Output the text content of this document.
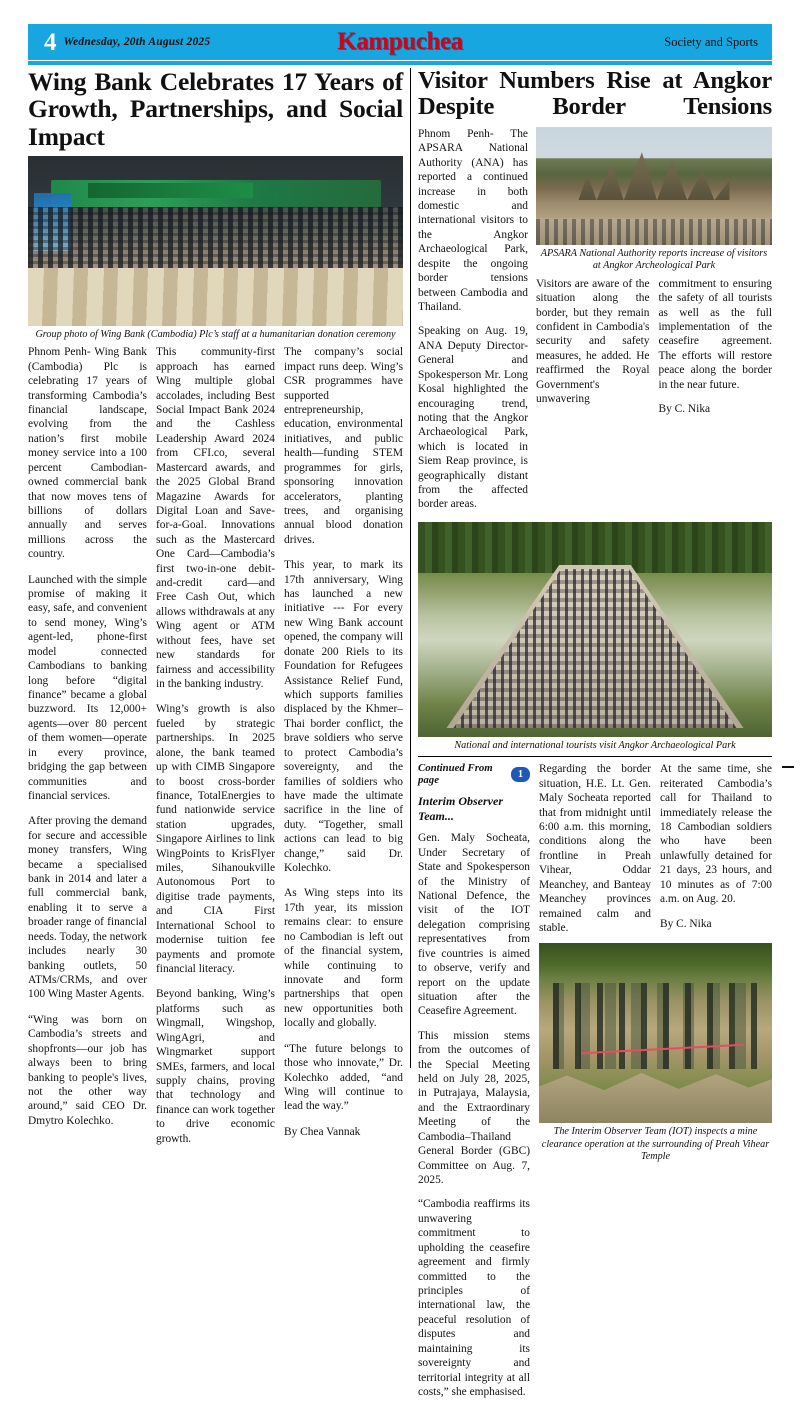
4 Wednesday, 20th August 2025	Kampuchea	Society and Sports
Wing Bank Celebrates 17 Years of Growth, Partnerships, and Social Impact
Group photo of Wing Bank (Cambodia) Plc’s staff at a humanitarian donation ceremony

Phnom Penh- Wing Bank (Cambodia) Plc is celebrating 17 years of transforming Cambodia’s financial landscape, evolving from the nation’s first mobile money service into a 100 percent Cambodian-owned commercial bank that now moves tens of billions of dollars annually and serves millions across the country.

Launched with the simple promise of making it easy, safe, and convenient to send money, Wing’s agent-led, phone-first model connected Cambodians to banking long before “digital finance” became a global buzzword. Its 12,000+ agents—over 80 percent of them women—operate in every province, bridging the gap between communities and financial services.

After proving the demand for secure and accessible money transfers, Wing became a specialised bank in 2014 and later a full commercial bank, enabling it to serve a broader range of financial needs. Today, the network includes nearly 30 banking outlets, 50 ATMs/CRMs, and over 100 Wing Master Agents.

“Wing was born on Cambodia’s streets and shopfronts—our job has always been to bring banking to people's lives, not the other way around,” said CEO Dr. Dmytro Kolechko.

This community-first approach has earned Wing multiple global accolades, including Best Social Impact Bank 2024 and the Cashless Leadership Award 2024 from CFI.co, several Mastercard awards, and the 2025 Global Brand Magazine Awards for Digital Loan and Save-for-a-Goal. Innovations such as the Mastercard One Card—Cambodia’s first two-in-one debit-and-credit card—and Free Cash Out, which allows withdrawals at any Wing agent or ATM without fees, have set new standards for fairness and accessibility in the banking industry.

Wing’s growth is also fueled by strategic partnerships. In 2025 alone, the bank teamed up with CIMB Singapore to boost cross-border finance, TotalEnergies to fund nationwide service station upgrades, Singapore Airlines to link WingPoints to KrisFlyer miles, Sihanoukville Autonomous Port to digitise trade payments, and CIA First International School to modernise tuition fee payments and promote financial literacy.

Beyond banking, Wing’s platforms such as Wingmall, Wingshop, WingAgri, and Wingmarket support SMEs, farmers, and local supply chains, proving that technology and finance can work together to drive economic growth.

The company’s social impact runs deep. Wing’s CSR programmes have supported entrepreneurship, education, environmental initiatives, and public health—funding STEM programmes for girls, sponsoring innovation accelerators, planting trees, and organising annual blood donation drives.

This year, to mark its 17th anniversary, Wing has launched a new initiative --- For every new Wing Bank account opened, the company will donate 200 Riels to its Foundation for Refugees Assistance Relief Fund, which supports families displaced by the Khmer–Thai border conflict, the brave soldiers who serve to protect Cambodia’s sovereignty, and the families of soldiers who have made the ultimate sacrifice in the line of duty. “Together, small actions can lead to big change,” said Dr. Kolechko.

As Wing steps into its 17th year, its mission remains clear: to ensure no Cambodian is left out of the financial system, while continuing to innovate and form partnerships that open new opportunities both locally and globally.

“The future belongs to those who innovate,” Dr. Kolechko added, “and Wing will continue to lead the way.”

By Chea Vannak

Visitor Numbers Rise at Angkor Despite Border Tensions

Phnom Penh- The APSARA National Authority (ANA) has reported a continued increase in both domestic and international visitors to the Angkor Archaeological Park, despite the ongoing border tensions between Cambodia and Thailand.

Speaking on Aug. 19, ANA Deputy Director-General and Spokesperson Mr. Long Kosal highlighted the encouraging trend, noting that the Angkor Archaeological Park, which is located in Siem Reap province, is geographically distant from the affected border areas.

APSARA National Authority reports increase of visitors at Angkor Archeological Park

Visitors are aware of the situation along the border, but they remain confident in Cambodia's security and safety measures, he added. He reaffirmed the Royal Government's unwavering commitment to ensuring the safety of all tourists as well as the full implementation of the ceasefire agreement. The efforts will restore peace along the border in the near future.

By C. Nika

National and international tourists visit Angkor Archaeological Park
Continued From page	1
Interim Observer Team...

Gen. Maly Socheata, Under Secretary of State and Spokesperson of the Ministry of National Defence, the visit of the IOT delegation comprising representatives from five countries is aimed to observe, verify and report on the update situation after the Ceasefire Agreement.

This mission stems from the outcomes of the Special Meeting held on July 28, 2025, in Putrajaya, Malaysia, and the Extraordinary Meeting of the Cambodia–Thailand General Border (GBC) Committee on Aug. 7, 2025.

“Cambodia reaffirms its unwavering commitment to upholding the ceasefire agreement and firmly committed to the principles of international law, the peaceful resolution of disputes and maintaining its sovereignty and territorial integrity at all costs,” she emphasised.

Regarding the border situation, H.E. Lt. Gen. Maly Socheata reported that from midnight until 6:00 a.m. this morning, conditions along the frontline in Preah Vihear, Oddar Meanchey, and Banteay Meanchey provinces remained calm and stable.

At the same time, she reiterated Cambodia’s call for Thailand to immediately release the 18 Cambodian soldiers who have been unlawfully detained for 21 days, 23 hours, and 10 minutes as of 7:00 a.m. on Aug. 20.

By C. Nika

The Interim Observer Team (IOT) inspects a mine clearance operation at the surrounding of Preah Vihear Temple
